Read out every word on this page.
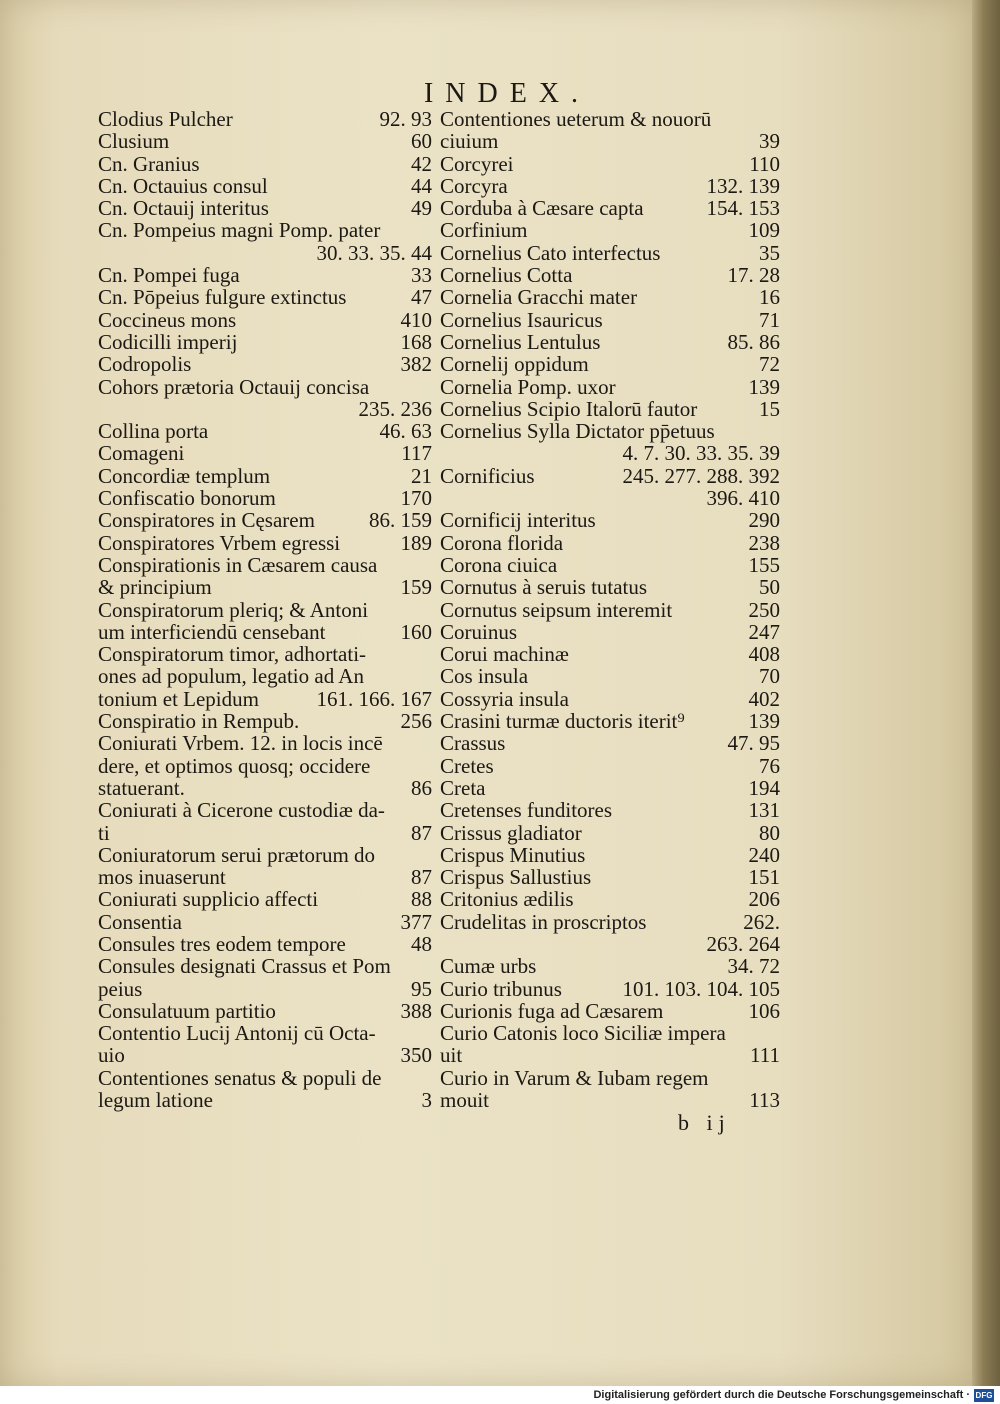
INDEX.
Clodius Pulcher	92. 93
Clusium	60
Cn. Granius	42
Cn. Octauius consul	44
Cn. Octauij interitus	49
Cn. Pompeius magni Pomp. pater
30. 33. 35. 44
Cn. Pompei fuga	33
Cn. Pōpeius fulgure extinctus	47
Coccineus mons	410
Codicilli imperij	168
Codropolis	382
Cohors prætoria Octauij concisa
235. 236
Collina porta	46. 63
Comageni	117
Concordiæ templum	21
Confiscatio bonorum	170
Conspiratores in Cęsarem	86. 159
Conspiratores Vrbem egressi	189
Conspirationis in Cæsarem causa
& principium	159
Conspiratorum pleriq; & Antoni
um interficiendū censebant	160
Conspiratorum timor, adhortati-
ones ad populum, legatio ad An
tonium et Lepidum	161. 166. 167
Conspiratio in Rempub.	256
Coniurati Vrbem. 12. in locis incē
dere, et optimos quosq; occidere
statuerant.	86
Coniurati à Cicerone custodiæ da-
ti	87
Coniuratorum serui prætorum do
mos inuaserunt	87
Coniurati supplicio affecti	88
Consentia	377
Consules tres eodem tempore	48
Consules designati Crassus et Pom
peius	95
Consulatuum partitio	388
Contentio Lucij Antonij cū Octa-
uio	350
Contentiones senatus & populi de
legum latione	3
Contentiones ueterum & nouorū
ciuium	39
Corcyrei	110
Corcyra	132. 139
Corduba à Cæsare capta	154. 153
Corfinium	109
Cornelius Cato interfectus	35
Cornelius Cotta	17. 28
Cornelia Gracchi mater	16
Cornelius Isauricus	71
Cornelius Lentulus	85. 86
Cornelij oppidum	72
Cornelia Pomp. uxor	139
Cornelius Scipio Italorū fautor	15
Cornelius Sylla Dictator pp̄etuus
4. 7. 30. 33. 35. 39
Cornificius	245. 277. 288. 392
396. 410
Cornificij interitus	290
Corona florida	238
Corona ciuica	155
Cornutus à seruis tutatus	50
Cornutus seipsum interemit	250
Coruinus	247
Corui machinæ	408
Cos insula	70
Cossyria insula	402
Crasini turmæ ductoris iterit⁹	139
Crassus	47. 95
Cretes	76
Creta	194
Cretenses funditores	131
Crissus gladiator	80
Crispus Minutius	240
Crispus Sallustius	151
Critonius ædilis	206
Crudelitas in proscriptos	262.
263. 264
Cumæ urbs	34. 72
Curio tribunus	101. 103. 104. 105
Curionis fuga ad Cæsarem	106
Curio Catonis loco Siciliæ impera
uit	111
Curio in Varum & Iubam regem
mouit	113
b ij
Digitalisierung gefördert durch die Deutsche Forschungsgemeinschaft · DFG
